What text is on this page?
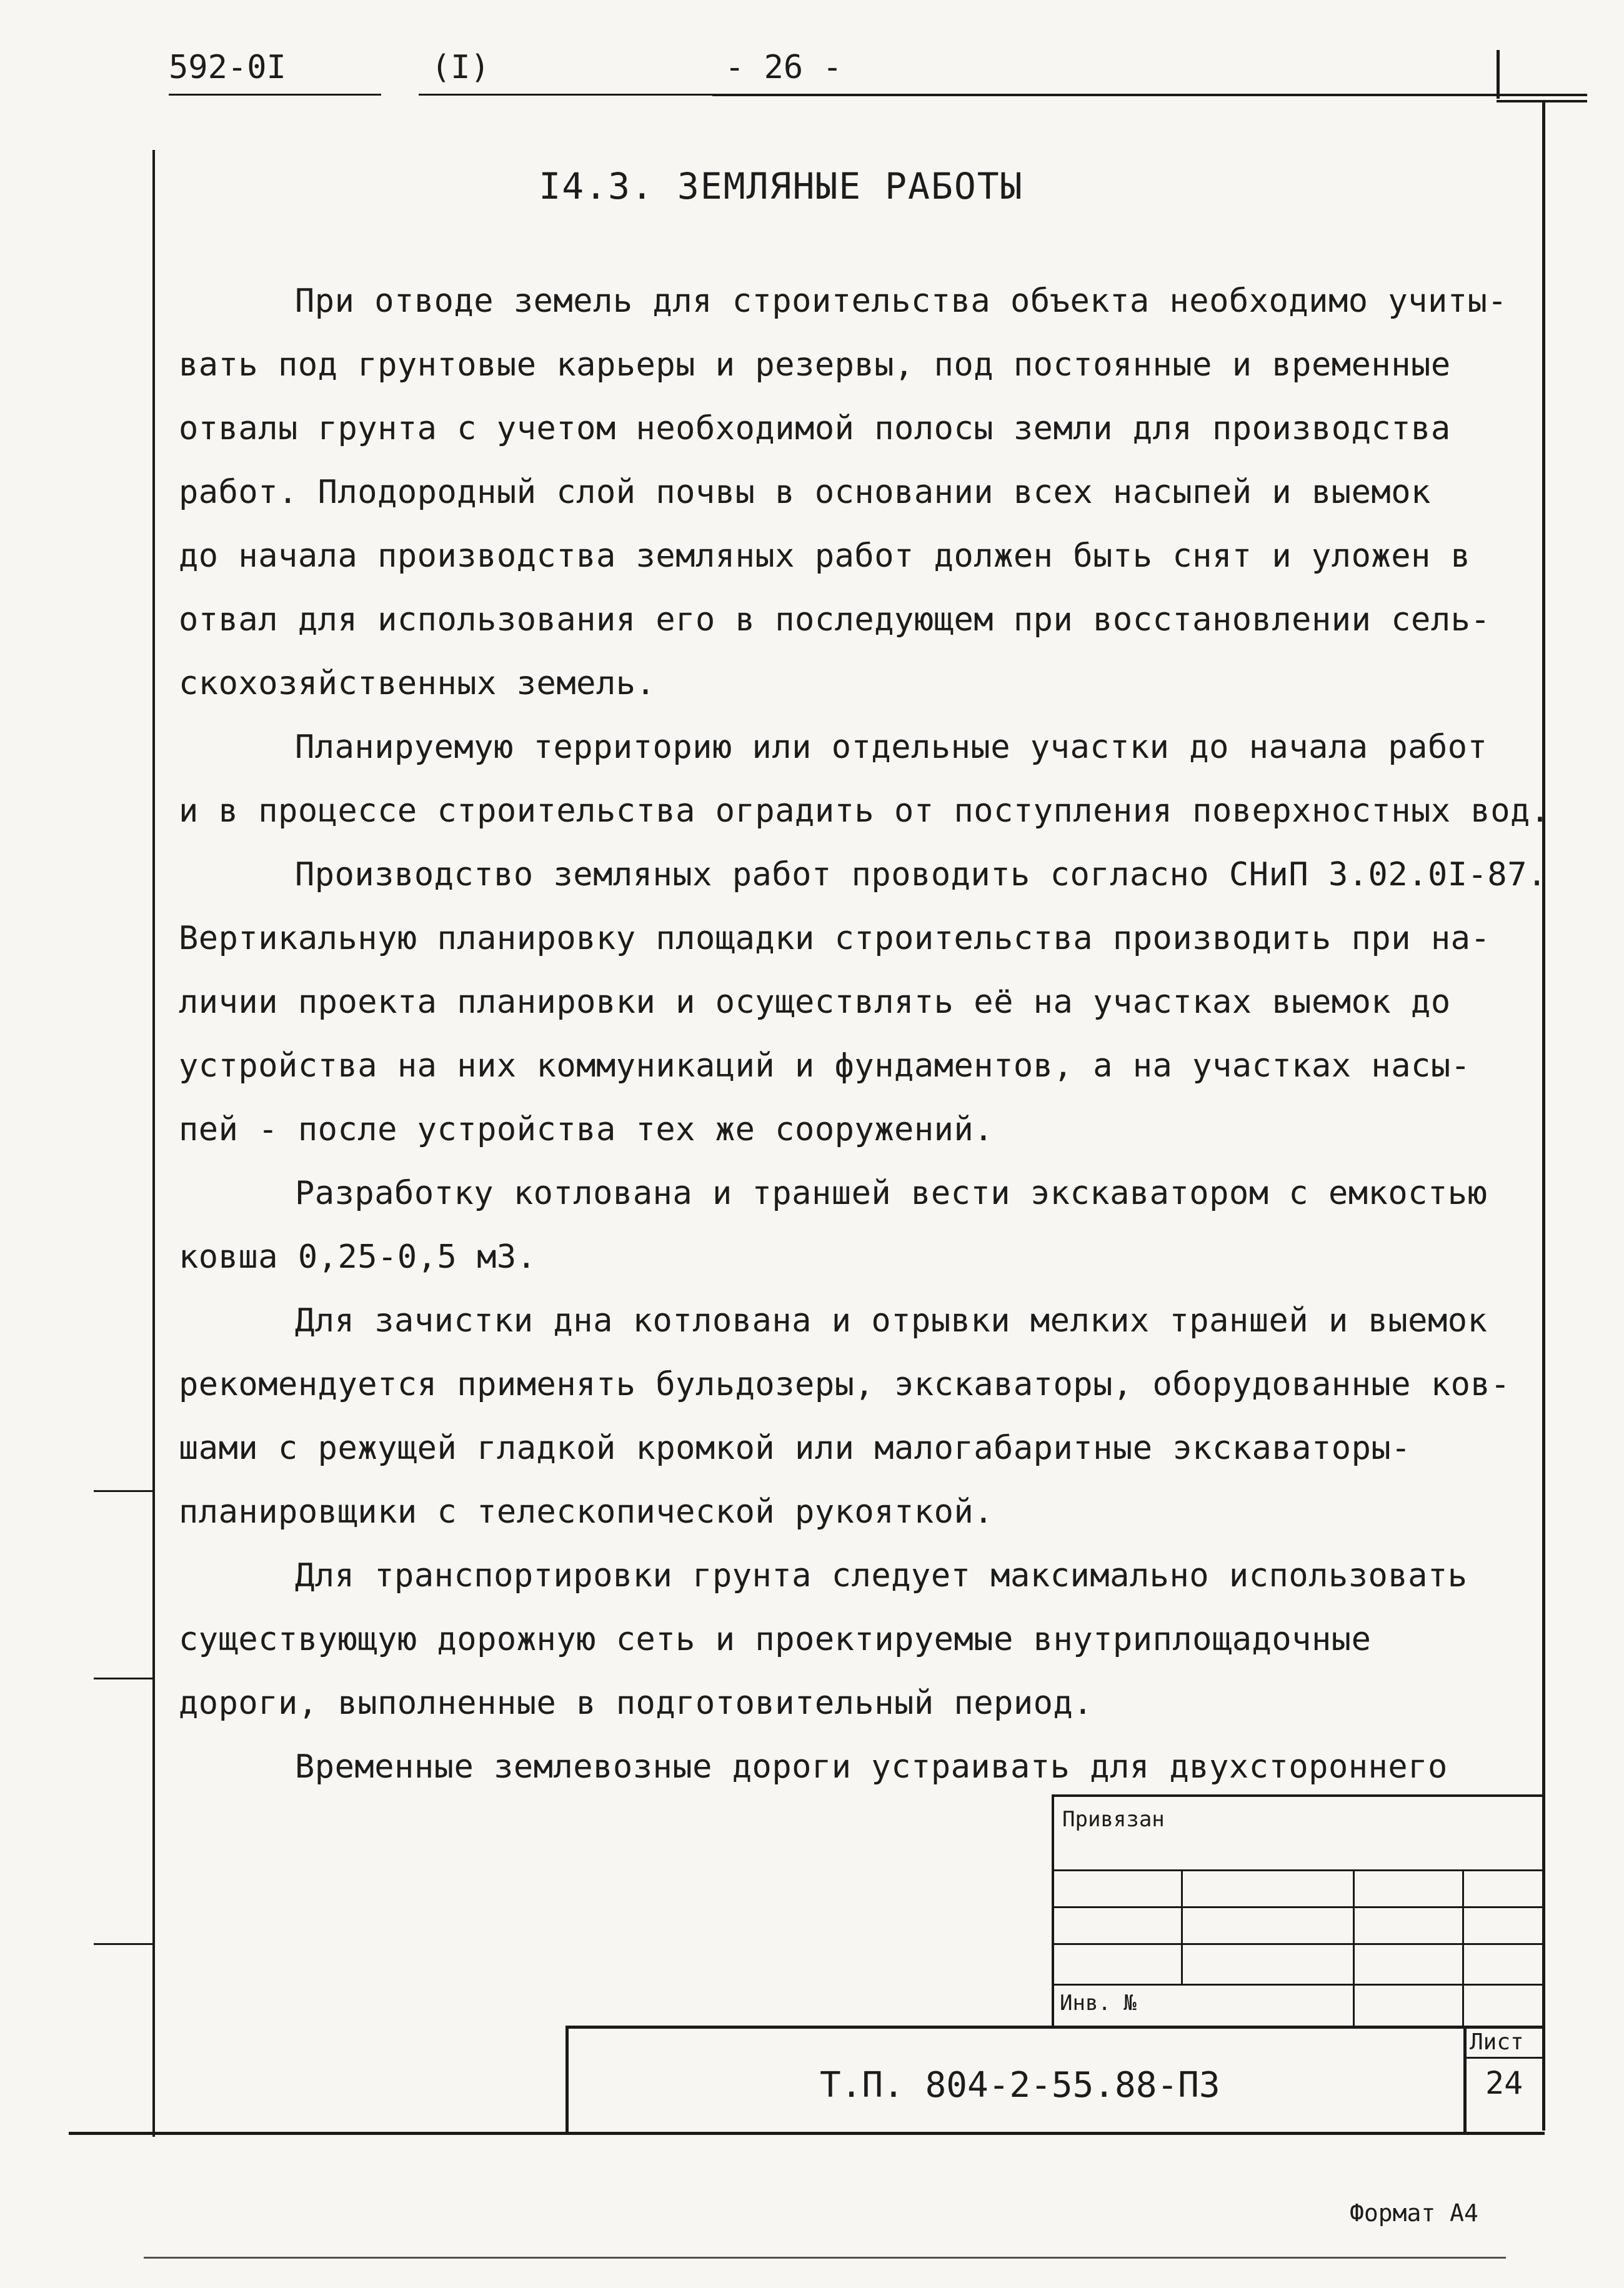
592-0I	(I)	- 26 -
I4.3. ЗЕМЛЯНЫЕ РАБОТЫ
При отводе земель для строительства объекта необходимо учиты-
вать под грунтовые карьеры и резервы, под постоянные и временные
отвалы грунта с учетом необходимой полосы земли для производства
работ. Плодородный слой почвы в основании всех насыпей и выемок
до начала производства земляных работ должен быть снят и уложен в
отвал для использования его в последующем при восстановлении сель-
скохозяйственных земель.
Планируемую территорию или отдельные участки до начала работ
и в процессе строительства оградить от поступления поверхностных вод.
Производство земляных работ проводить согласно СНиП 3.02.0I-87.
Вертикальную планировку площадки строительства производить при на-
личии проекта планировки и осуществлять её на участках выемок до
устройства на них коммуникаций и фундаментов, а на участках насы-
пей - после устройства тех же сооружений.
Разработку котлована и траншей вести экскаватором с емкостью
ковша 0,25-0,5 м3.
Для зачистки дна котлована и отрывки мелких траншей и выемок
рекомендуется применять бульдозеры, экскаваторы, оборудованные ков-
шами с режущей гладкой кромкой или малогабаритные экскаваторы-
планировщики с телескопической рукояткой.
Для транспортировки грунта следует максимально использовать
существующую дорожную сеть и проектируемые внутриплощадочные
дороги, выполненные в подготовительный период.
Временные землевозные дороги устраивать для двухстороннего
Привязан
Инв. №
Лист
Т.П. 804-2-55.88-П3	24
Формат А4
